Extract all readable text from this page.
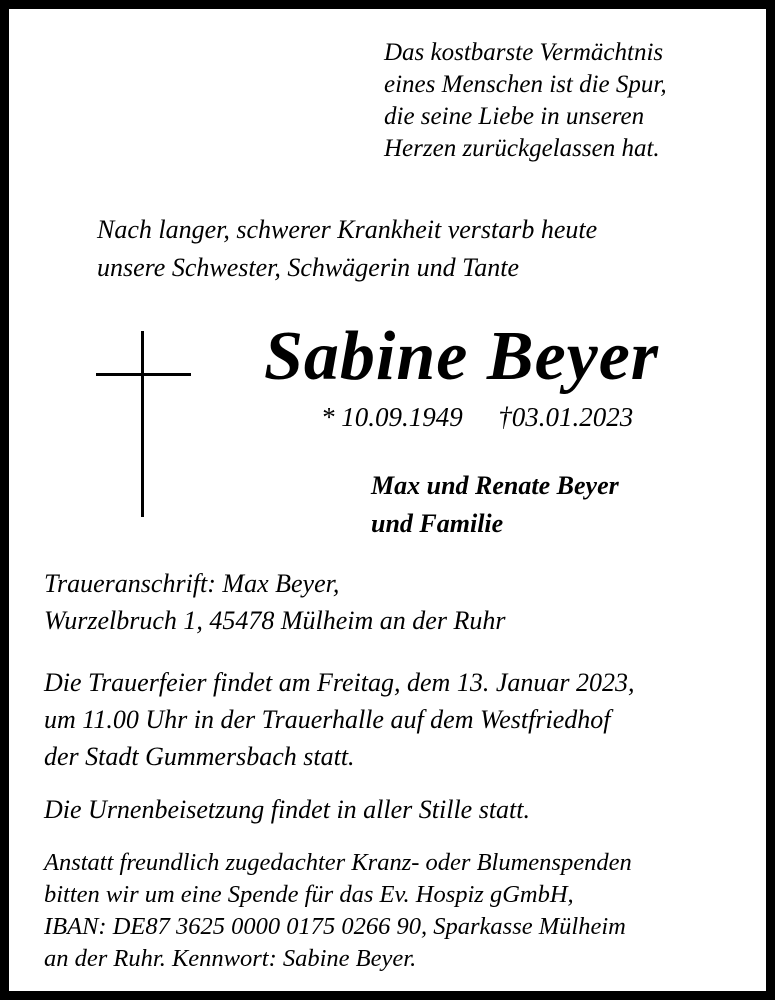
Das kostbarste Vermächtnis
eines Menschen ist die Spur,
die seine Liebe in unseren
Herzen zurückgelassen hat.
Nach langer, schwerer Krankheit verstarb heute
unsere Schwester, Schwägerin und Tante
Sabine Beyer
* 10.09.1949 †03.01.2023
Max und Renate Beyer
und Familie
Traueranschrift: Max Beyer,
Wurzelbruch 1, 45478 Mülheim an der Ruhr
Die Trauerfeier findet am Freitag, dem 13. Januar 2023,
um 11.00 Uhr in der Trauerhalle auf dem Westfriedhof
der Stadt Gummersbach statt.
Die Urnenbeisetzung findet in aller Stille statt.
Anstatt freundlich zugedachter Kranz- oder Blumenspenden
bitten wir um eine Spende für das Ev. Hospiz gGmbH,
IBAN: DE87 3625 0000 0175 0266 90, Sparkasse Mülheim
an der Ruhr. Kennwort: Sabine Beyer.
